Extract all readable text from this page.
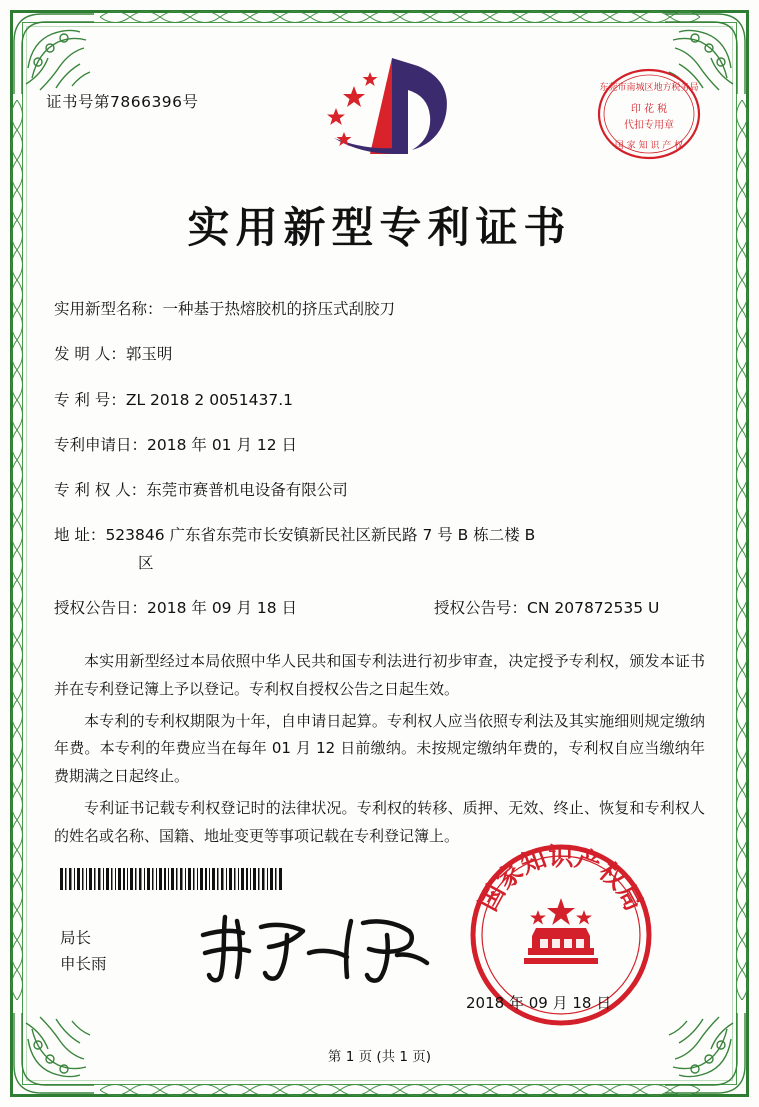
证书号第7866396号
东莞市南城区地方税务局
印 花 税
代扣专用章
国 家 知 识 产 权
实用新型专利证书
实用新型名称：一种基于热熔胶机的挤压式刮胶刀
发 明 人：郭玉明
专 利 号：ZL 2018 2 0051437.1
专利申请日：2018 年 01 月 12 日
专 利 权 人：东莞市赛普机电设备有限公司
地 址：523846 广东省东莞市长安镇新民社区新民路 7 号 B 栋二楼 B
区
授权公告日：2018 年 09 月 18 日	授权公告号：CN 207872535 U

本实用新型经过本局依照中华人民共和国专利法进行初步审查，决定授予专利权，颁发本证书并在专利登记簿上予以登记。专利权自授权公告之日起生效。

本专利的专利权期限为十年，自申请日起算。专利权人应当依照专利法及其实施细则规定缴纳年费。本专利的年费应当在每年 01 月 12 日前缴纳。未按规定缴纳年费的，专利权自应当缴纳年费期满之日起终止。

专利证书记载专利权登记时的法律状况。专利权的转移、质押、无效、终止、恢复和专利权人的姓名或名称、国籍、地址变更等事项记载在专利登记簿上。

国家知识产权局
2018 年 09 月 18 日
局长
申长雨
第 1 页 (共 1 页)
